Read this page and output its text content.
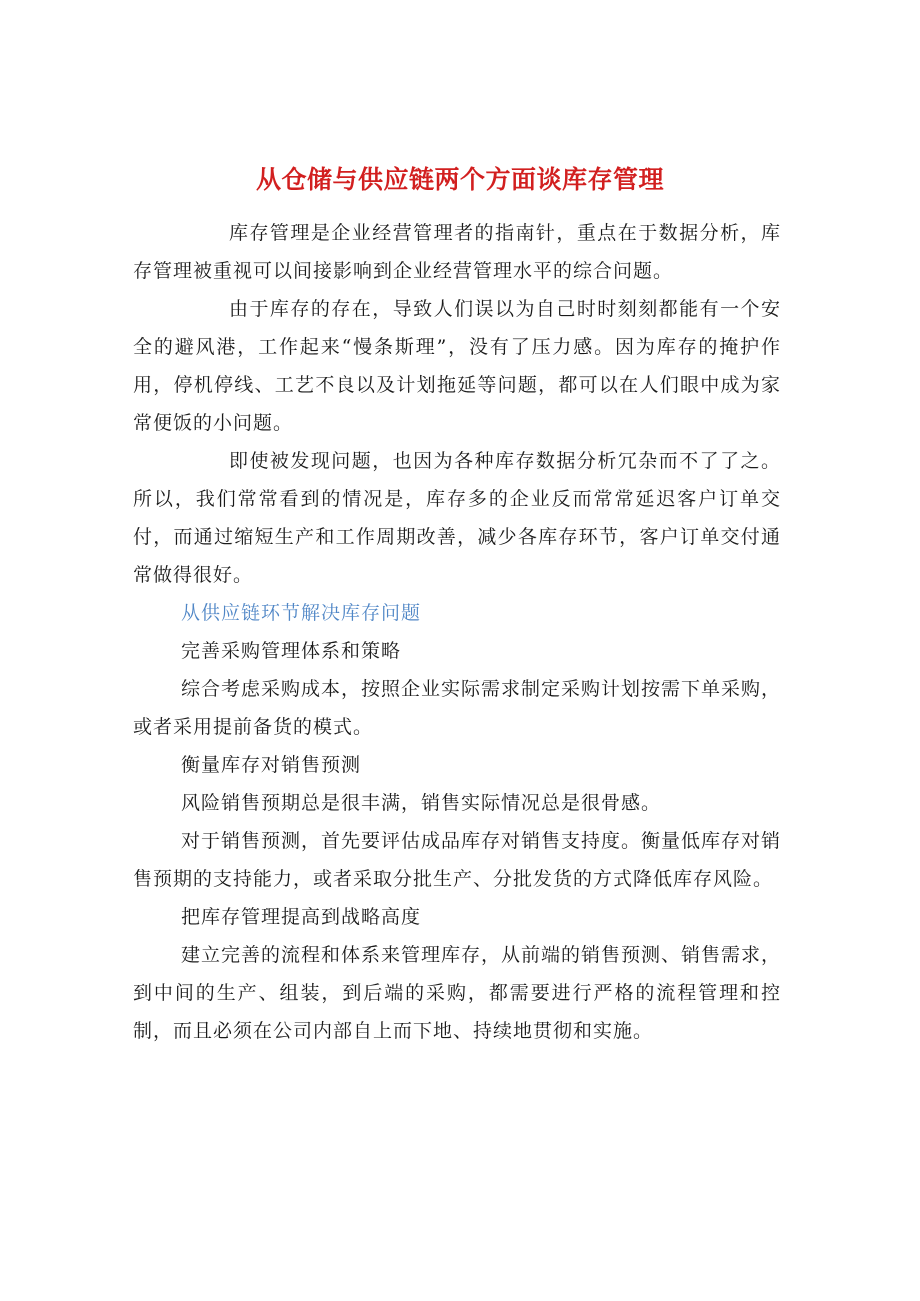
从仓储与供应链两个方面谈库存管理

库存管理是企业经营管理者的指南针，重点在于数据分析，库存管理被重视可以间接影响到企业经营管理水平的综合问题。

由于库存的存在，导致人们误以为自己时时刻刻都能有一个安全的避风港，工作起来“慢条斯理”，没有了压力感。因为库存的掩护作用，停机停线、工艺不良以及计划拖延等问题，都可以在人们眼中成为家常便饭的小问题。

即使被发现问题，也因为各种库存数据分析冗杂而不了了之。所以，我们常常看到的情况是，库存多的企业反而常常延迟客户订单交付，而通过缩短生产和工作周期改善，减少各库存环节，客户订单交付通常做得很好。

从供应链环节解决库存问题

完善采购管理体系和策略

综合考虑采购成本，按照企业实际需求制定采购计划按需下单采购，或者采用提前备货的模式。

衡量库存对销售预测

风险销售预期总是很丰满，销售实际情况总是很骨感。

对于销售预测，首先要评估成品库存对销售支持度。衡量低库存对销售预期的支持能力，或者采取分批生产、分批发货的方式降低库存风险。

把库存管理提高到战略高度

建立完善的流程和体系来管理库存，从前端的销售预测、销售需求，到中间的生产、组装，到后端的采购，都需要进行严格的流程管理和控制，而且必须在公司内部自上而下地、持续地贯彻和实施。
